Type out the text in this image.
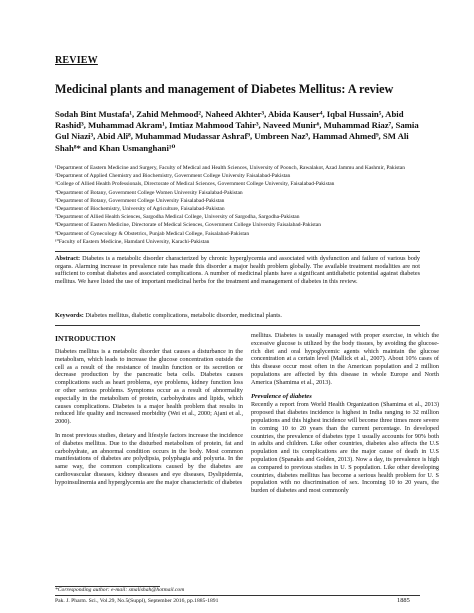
REVIEW
Medicinal plants and management of Diabetes Mellitus: A review
Sodah Bint Mustafa¹, Zahid Mehmood², Naheed Akhter³, Abida Kauser⁴, Iqbal Hussain⁵, Abid Rashid³, Muhammad Akram¹, Imtiaz Mahmood Tahir³, Naveed Munir⁶, Muhammad Riaz⁷, Samia Gul Niazi³, Abid Ali⁸, Muhammad Mudassar Ashraf⁹, Umbreen Naz⁹, Hammad Ahmed⁹, SM Ali Shah⁸* and Khan Usmanghani¹⁰
¹Department of Eastern Medicine and Surgery, Faculty of Medical and Health Sciences, University of Poonch, Rawalakot, Azad Jammu and Kashmir, Pakistan
²Department of Applied Chemistry and Biochemistry, Government College University Faisalabad-Pakistan
³College of Allied Health Professionals, Directorate of Medical Sciences, Government College University, Faisalabad-Pakistan
⁴Department of Botany, Government College Women University Faisalabad-Pakistan
⁵Department of Botany, Government College University Faisalabad-Pakistan
⁶Department of Biochemistry, University of Agriculture, Faisalabad-Pakistan
⁷Department of Allied Health Sciences, Sargodha Medical College, University of Sargodha, Sargodha-Pakistan
⁸Department of Eastern Medicine, Directorate of Medical Sciences, Government College University Faisalabad-Pakistan
⁹Department of Gynecology & Obstetrics, Punjab Medical College, Faisalabad-Pakistan
¹⁰Faculty of Eastern Medicine, Hamdard University, Karachi-Pakistan
Abstract: Diabetes is a metabolic disorder characterized by chronic hyperglycemia and associated with dysfunction and failure of various body organs. Alarming increase in prevalence rate has made this disorder a major health problem globally. The available treatment modalities are not sufficient to combat diabetes and associated complications. A number of medicinal plants have a significant antidiabetic potential against diabetes mellitus. We have listed the use of important medicinal herbs for the treatment and management of diabetes in this review.
Keywords: Diabetes mellitus, diabetic complications, metabolic disorder, medicinal plants.
INTRODUCTION

Diabetes mellitus is a metabolic disorder that causes a disturbance in the metabolism, which leads to increase the glucose concentration outside the cell as a result of the resistance of insulin function or its secretion or decrease production by the pancreatic beta cells. Diabetes causes complications such as heart problems, eye problems, kidney function loss or other serious problems. Symptoms occur as a result of abnormality especially in the metabolism of protein, carbohydrates and lipids, which causes complications. Diabetes is a major health problem that results in reduced life quality and increased morbidity (Wei et al., 2000; Ajani et al., 2000).

In most previous studies, dietary and lifestyle factors increase the incidence of diabetes mellitus. Due to the disturbed metabolism of protein, fat and carbohydrate, an abnormal condition occurs in the body. Most common manifestations of diabetes are polydipsia, polyphagia and polyuria. In the same way, the common complications caused by the diabetes are cardiovascular diseases, kidney diseases and eye diseases, Dyslipidemia, hypoinsulinemia and hyperglycemia are the major characteristic of diabetes

mellitus. Diabetes is usually managed with proper exercise, in which the excessive glucose is utilized by the body tissues, by avoiding the glucose-rich diet and oral hypoglycemic agents which maintain the glucose concentration at a certain level (Mallick et al., 2007). About 10% cases of this disease occur most often in the American population and 2 million populations are affected by this disease in whole Europe and North America (Shamima et al., 2013).

Prevalence of diabetes

Recently a report from World Health Organization (Shamima et al., 2013) proposed that diabetes incidence is highest in India ranging to 32 million populations and this highest incidence will become three times more severe in coming 10 to 20 years than the current percentage. In developed countries, the prevalence of diabetes type 1 usually accounts for 90% both in adults and children. Like other countries, diabetes also affects the U.S population and its complications are the major cause of death in U.S population (Spanakis and Golden, 2013). Now a day, its prevalence is high as compared to previous studies in U. S population. Like other developing countries, diabetes mellitus has become a serious health problem for U. S population with no discrimination of sex. Incoming 10 to 20 years, the burden of diabetes and most commonly

*Corresponding author: e-mail: smalishah@hotmail.com
Pak. J. Pharm. Sci., Vol.29, No.5(Suppl), September 2016, pp.1885-1891	1885
